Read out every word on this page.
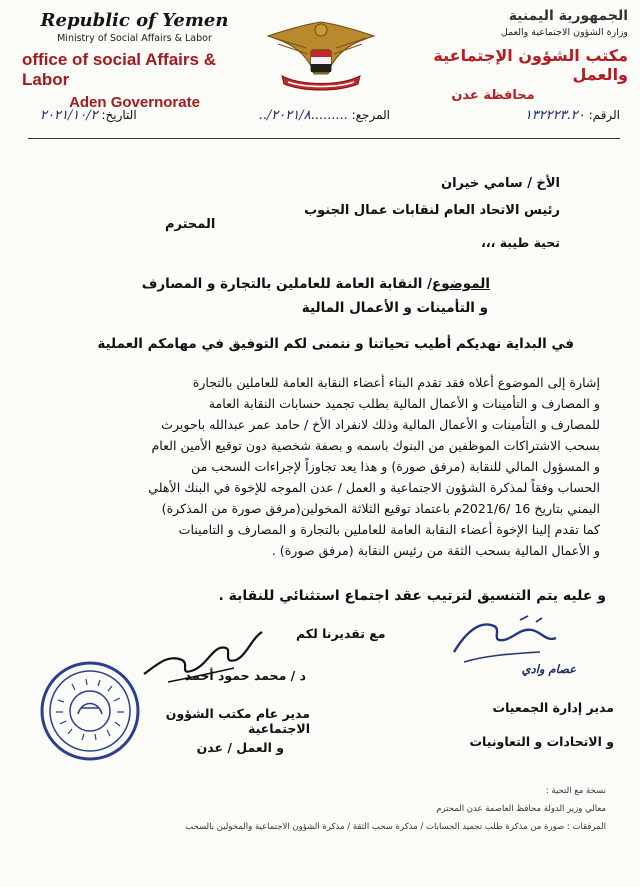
Republic of Yemen
Ministry of Social Affairs & Labor
office of social Affairs & Labor
Aden Governorate
الجمهورية اليمنية
وزارة الشؤون الاجتماعية والعمل
مكتب الشؤون الإجتماعية والعمل
محافظة عدن
الرقم: ١٣٢٢٢٣.٢٠
المرجع: .........٢٠٢١/٨/..
التاريخ: ٢٠٢١/١٠/٢
الأخ / سامي خيران
رئيس الاتحاد العام لنقابات عمال الجنوب
المحترم
تحية طيبة ،،،
الموضوع/ النقابة العامة للعاملين بالتجارة و المصارف
و التأمينات و الأعمال المالية
في البداية نهديكم أطيب تحياتنا و نتمنى لكم التوفيق في مهامكم العملية
إشارة إلى الموضوع أعلاه فقد تقدم البناء أعضاء النقابة العامة للعاملين بالتجارة
و المصارف و التأمينات و الأعمال المالية بطلب تجميد حسابات النقابة العامة
للمصارف و التأمينات و الأعمال المالية وذلك لانفراد الأخ / حامد عمر عبدالله باحويرث
بسحب الاشتراكات الموظفين من البنوك باسمه و بصفة شخصية دون توقيع الأمين العام
و المسؤول المالي للنقابة (مرفق صورة) و هذا يعد تجاوزاً لإجراءات السحب من
الحساب وفقاً لمذكرة الشؤون الاجتماعية و العمل / عدن الموجه للإخوة في البنك الأهلي
اليمني بتاريخ 16 /2021/6م باعتماد توقيع الثلاثة المخولين(مرفق صورة من المذكرة)
كما تقدم إلينا الإخوة أعضاء النقابة العامة للعاملين بالتجارة و المصارف و التامينات
و الأعمال المالية بسحب الثقة من رئيس النقابة (مرفق صورة) .
و عليه يتم التنسيق لترتيب عقد اجتماع استثنائي للنقابة .
مع تقديرنا لكم
د / محمد حمود أحمد
مدير عام مكتب الشؤون الاجتماعية
و العمل / عدن
عصام وادي
مدير إدارة الجمعيات
و الاتحادات و التعاونيات
نسخة مع التحية :
معالي وزير الدولة محافظ العاصمة عدن المحترم
المرفقات : صورة من مذكرة طلب تجميد الحسابات / مذكرة سحب الثقة / مذكرة الشؤون الاجتماعية والمخولين بالسحب
